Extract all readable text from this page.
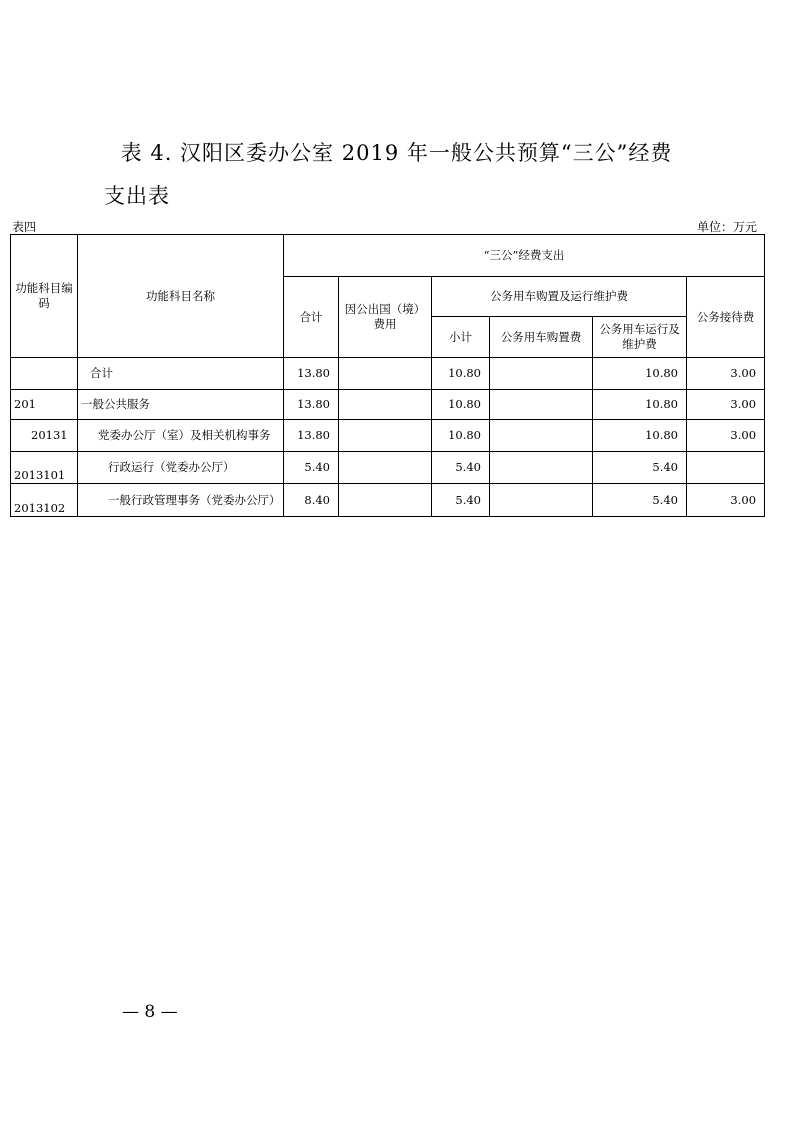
表 4. 汉阳区委办公室 2019 年一般公共预算“三公”经费
支出表
表四	单位：万元
功能科目编码	功能科目名称	“三公”经费支出					
		合计	因公出国（境）费用	公务用车购置及运行维护费			公务接待费
				小计	公务用车购置费	公务用车运行及维护费	
	合计	13.80		10.80		10.80	3.00
201	一般公共服务	13.80		10.80		10.80	3.00
20131	党委办公厅（室）及相关机构事务	13.80		10.80		10.80	3.00
2013101	行政运行（党委办公厅）	5.40		5.40		5.40	
2013102	一般行政管理事务（党委办公厅）	8.40		5.40		5.40	3.00
— 8 —
